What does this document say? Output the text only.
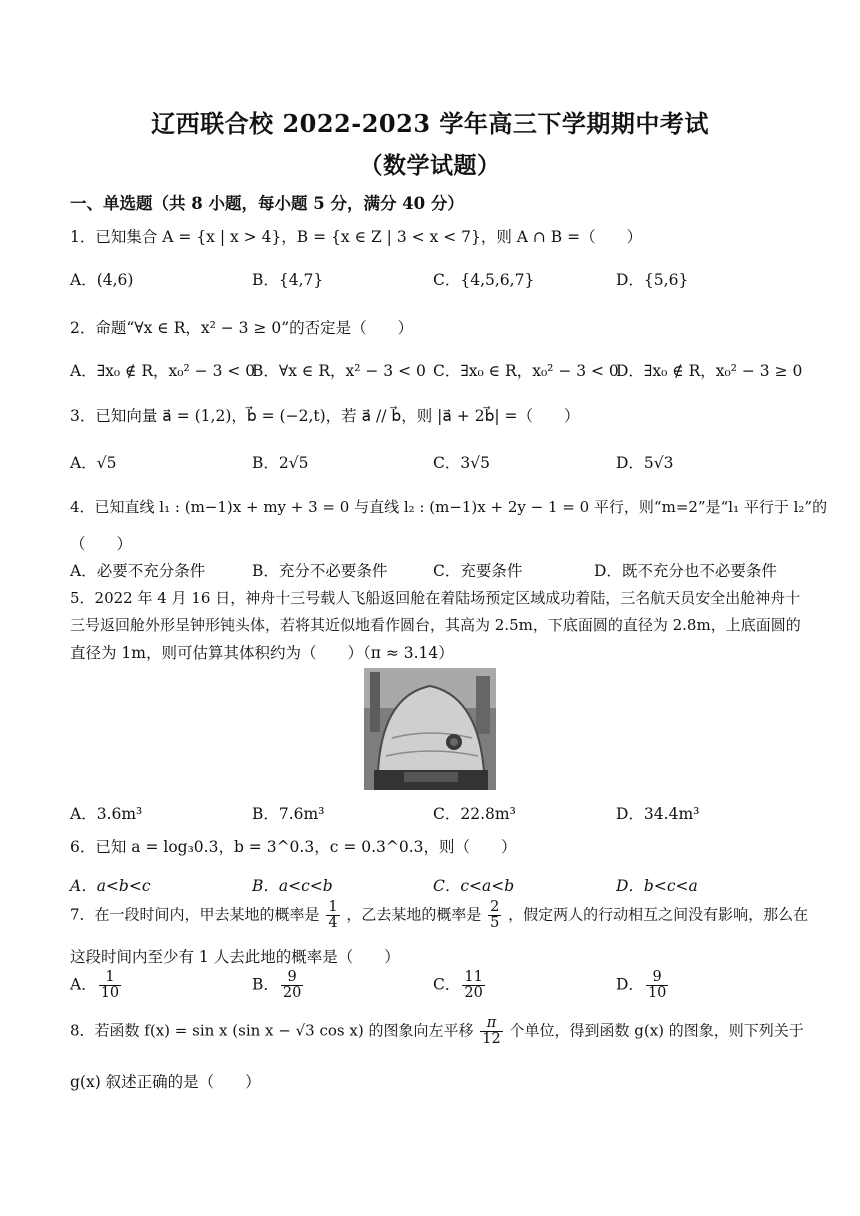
辽西联合校 2022-2023 学年高三下学期期中考试
（数学试题）
一、单选题（共 8 小题，每小题 5 分，满分 40 分）
1．已知集合 A = {x | x > 4}，B = {x ∈ Z | 3 < x < 7}，则 A ∩ B =（　　）
A．(4,6)	B．{4,7}	C．{4,5,6,7}	D．{5,6}
2．命题“∀x ∈ R，x² − 3 ≥ 0”的否定是（　　）
A．∃x₀ ∉ R，x₀² − 3 < 0
B．∀x ∈ R，x² − 3 < 0 C．∃x₀ ∈ R，x₀² − 3 < 0
D．∃x₀ ∉ R，x₀² − 3 ≥ 0
3．已知向量 a⃗ = (1,2)，b⃗ = (−2,t)，若 a⃗ // b⃗，则 |a⃗ + 2b⃗| =（　　）
A．√5	B．2√5	C．3√5	D．5√3
4．已知直线 l₁ : (m−1)x + my + 3 = 0 与直线 l₂ : (m−1)x + 2y − 1 = 0 平行，则“m=2”是“l₁ 平行于 l₂”的
（　　）
A．必要不充分条件	B．充分不必要条件	C．充要条件	D．既不充分也不必要条件
5．2022 年 4 月 16 日，神舟十三号载人飞船返回舱在着陆场预定区域成功着陆，三名航天员安全出舱神舟十
三号返回舱外形呈钟形钝头体，若将其近似地看作圆台，其高为 2.5m，下底面圆的直径为 2.8m，上底面圆的
直径为 1m，则可估算其体积约为（　　）（π ≈ 3.14）
A．3.6m³	B．7.6m³	C．22.8m³	D．34.4m³
6．已知 a = log₃0.3，b = 3^0.3，c = 0.3^0.3，则（　　）
A．a<b<c	B．a<c<b	C．c<a<b	D．b<c<a
7．在一段时间内，甲去某地的概率是 $\frac{1}{4}$ ，乙去某地的概率是 $\frac{2}{5}$ ，假定两人的行动相互之间没有影响，那么在
这段时间内至少有 1 人去此地的概率是（　　）
A． $\frac{1}{10}$	B． $\frac{9}{20}$	C． $\frac{11}{20}$	D． $\frac{9}{10}$
8．若函数 f(x) = sin x (sin x − √3 cos x) 的图象向左平移 $\frac{\pi}{12}$ 个单位，得到函数 g(x) 的图象，则下列关于
g(x) 叙述正确的是（　　）
